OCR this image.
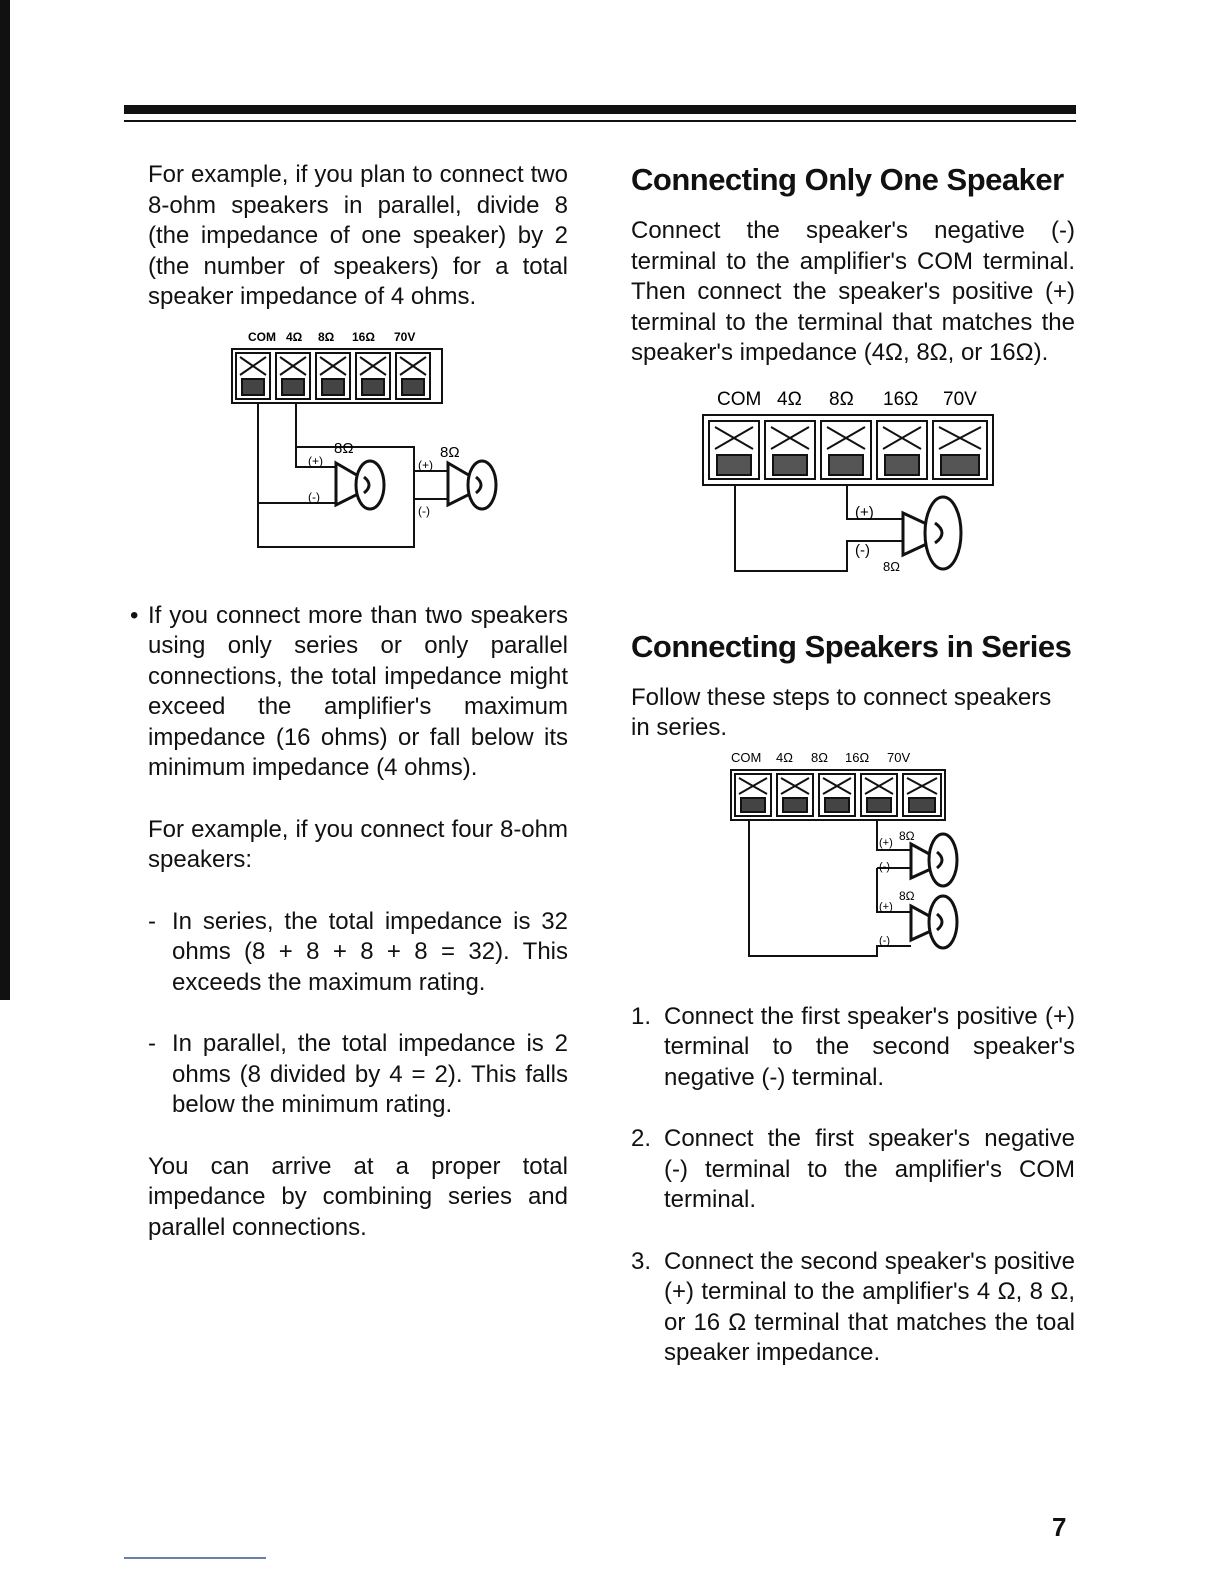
For example, if you plan to connect two 8-ohm speakers in parallel, divide 8 (the impedance of one speaker) by 2 (the number of speakers) for a total speaker impedance of 4 ohms.

COM 4Ω 8Ω 16Ω 70V
8Ω
(+)
(-)
8Ω
(+)
(-)

• If you connect more than two speakers using only series or only parallel connections, the total impedance might exceed the amplifier's maximum impedance (16 ohms) or fall below its minimum impedance (4 ohms).

For example, if you connect four 8-ohm speakers:

- In series, the total impedance is 32 ohms (8 + 8 + 8 + 8 = 32). This exceeds the maximum rating.

- In parallel, the total impedance is 2 ohms (8 divided by 4 = 2). This falls below the minimum rating.

You can arrive at a proper total impedance by combining series and parallel connections.

Connecting Only One Speaker

Connect the speaker's negative (-) terminal to the amplifier's COM terminal. Then connect the speaker's positive (+) terminal to the terminal that matches the speaker's impedance (4Ω, 8Ω, or 16Ω).

COM 4Ω 8Ω 16Ω 70V
(+)
(-)
8Ω
Connecting Speakers in Series

Follow these steps to connect speakers in series.

COM 4Ω 8Ω 16Ω 70V
(+) 8Ω
(-)
8Ω
(+)
(-)
1. Connect the first speaker's positive (+) terminal to the second speaker's negative (-) terminal.
2. Connect the first speaker's negative (-) terminal to the amplifier's COM terminal.
3. Connect the second speaker's positive (+) terminal to the amplifier's 4 Ω, 8 Ω, or 16 Ω terminal that matches the toal speaker impedance.
7
